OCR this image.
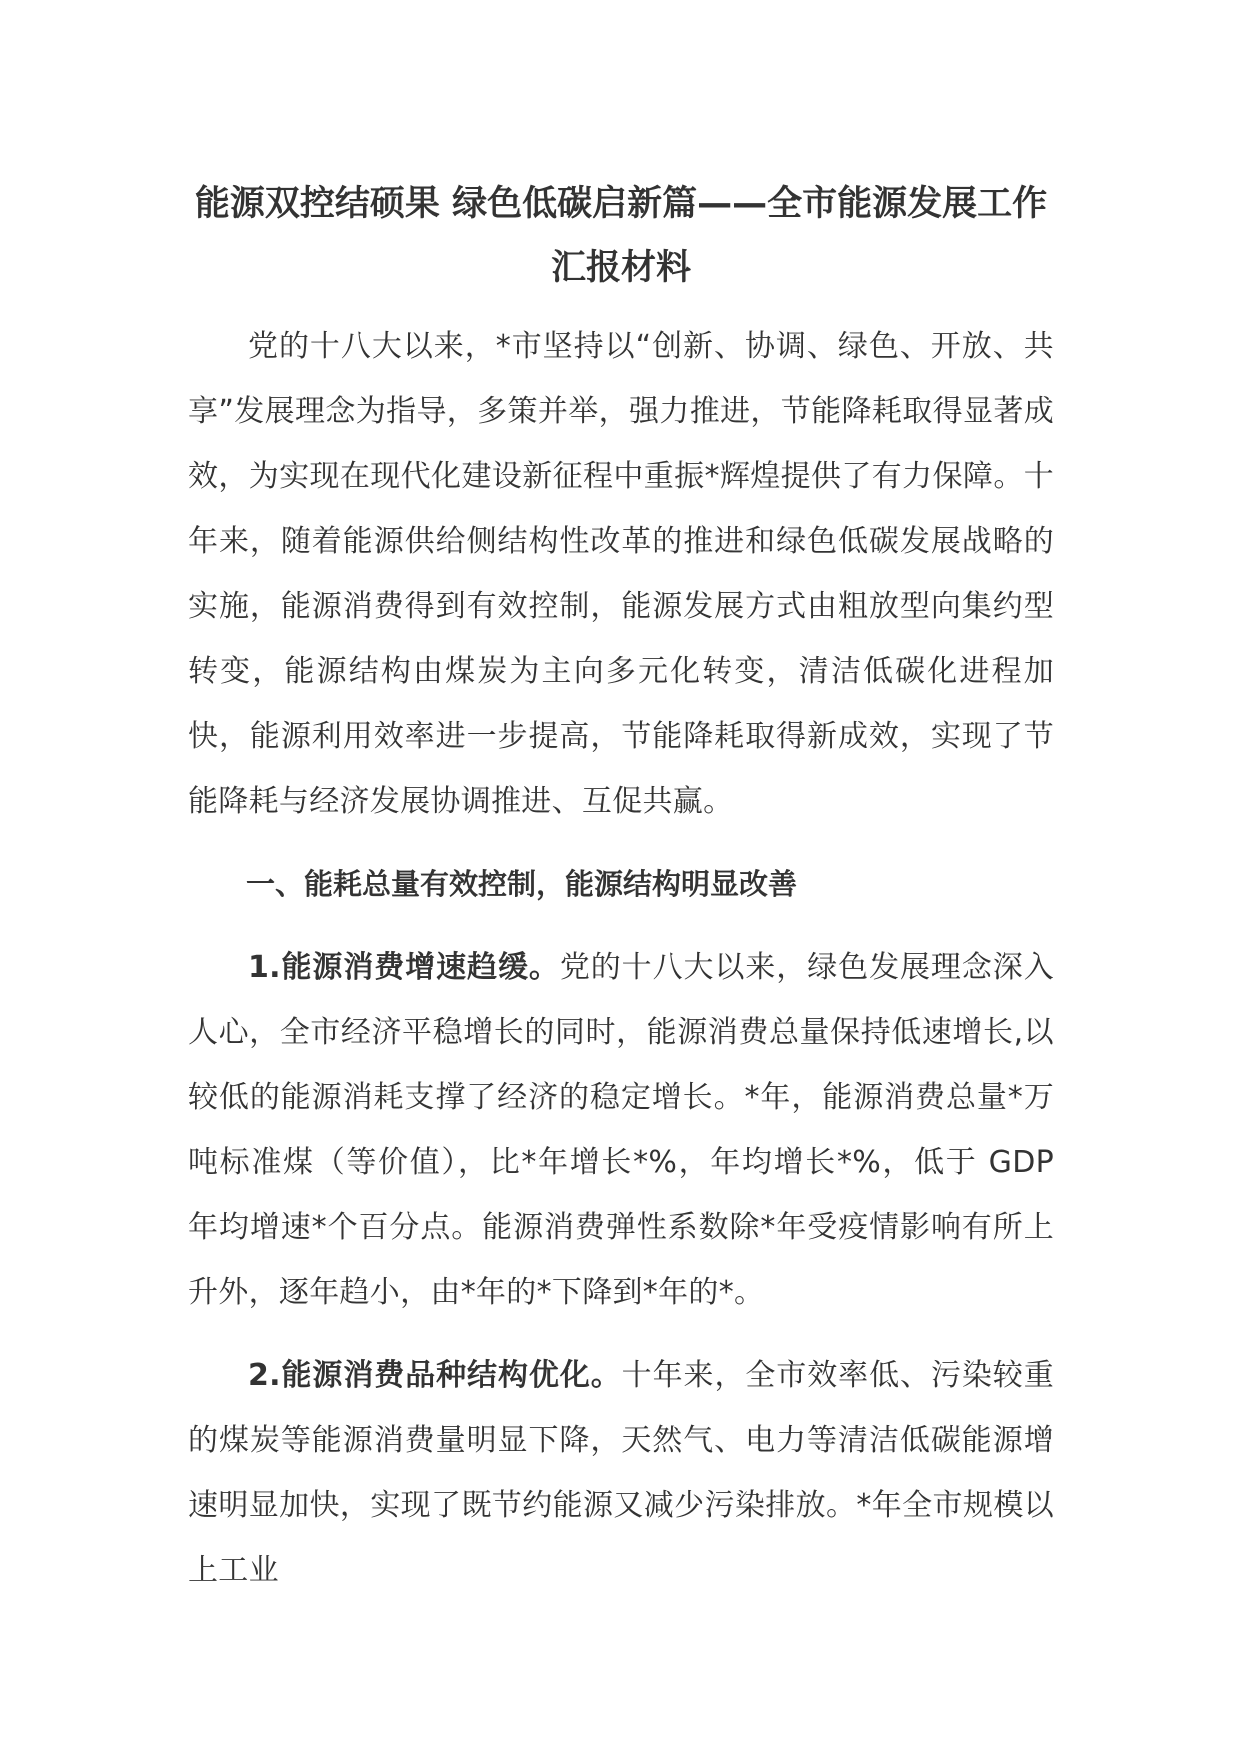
能源双控结硕果 绿色低碳启新篇——全市能源发展工作汇报材料

党的十八大以来，*市坚持以“创新、协调、绿色、开放、共享”发展理念为指导，多策并举，强力推进，节能降耗取得显著成效，为实现在现代化建设新征程中重振*辉煌提供了有力保障。十年来，随着能源供给侧结构性改革的推进和绿色低碳发展战略的实施，能源消费得到有效控制，能源发展方式由粗放型向集约型转变，能源结构由煤炭为主向多元化转变，清洁低碳化进程加快，能源利用效率进一步提高，节能降耗取得新成效，实现了节能降耗与经济发展协调推进、互促共赢。

一、能耗总量有效控制，能源结构明显改善

1.能源消费增速趋缓。党的十八大以来，绿色发展理念深入人心，全市经济平稳增长的同时，能源消费总量保持低速增长,以较低的能源消耗支撑了经济的稳定增长。*年，能源消费总量*万吨标准煤（等价值），比*年增长*%，年均增长*%，低于 GDP 年均增速*个百分点。能源消费弹性系数除*年受疫情影响有所上升外，逐年趋小，由*年的*下降到*年的*。

2.能源消费品种结构优化。十年来，全市效率低、污染较重的煤炭等能源消费量明显下降，天然气、电力等清洁低碳能源增速明显加快，实现了既节约能源又减少污染排放。*年全市规模以上工业
